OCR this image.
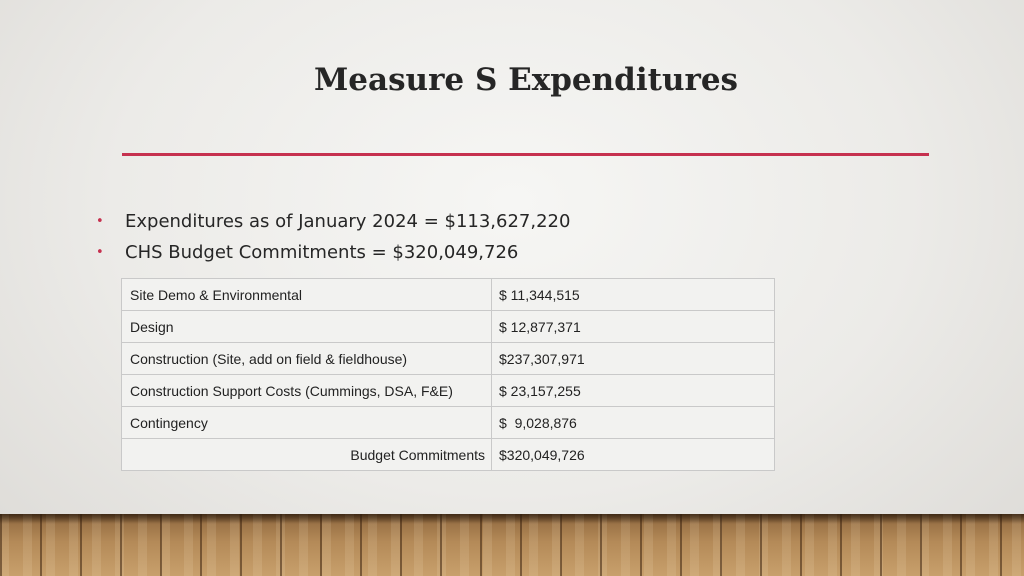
Measure S Expenditures
• Expenditures as of January 2024 = $113,627,220
• CHS Budget Commitments = $320,049,726
Site Demo & Environmental	$ 11,344,515
Design	$ 12,877,371
Construction (Site, add on field & fieldhouse)	$237,307,971
Construction Support Costs (Cummings, DSA, F&E)	$ 23,157,255
Contingency	$  9,028,876
Budget Commitments	$320,049,726
